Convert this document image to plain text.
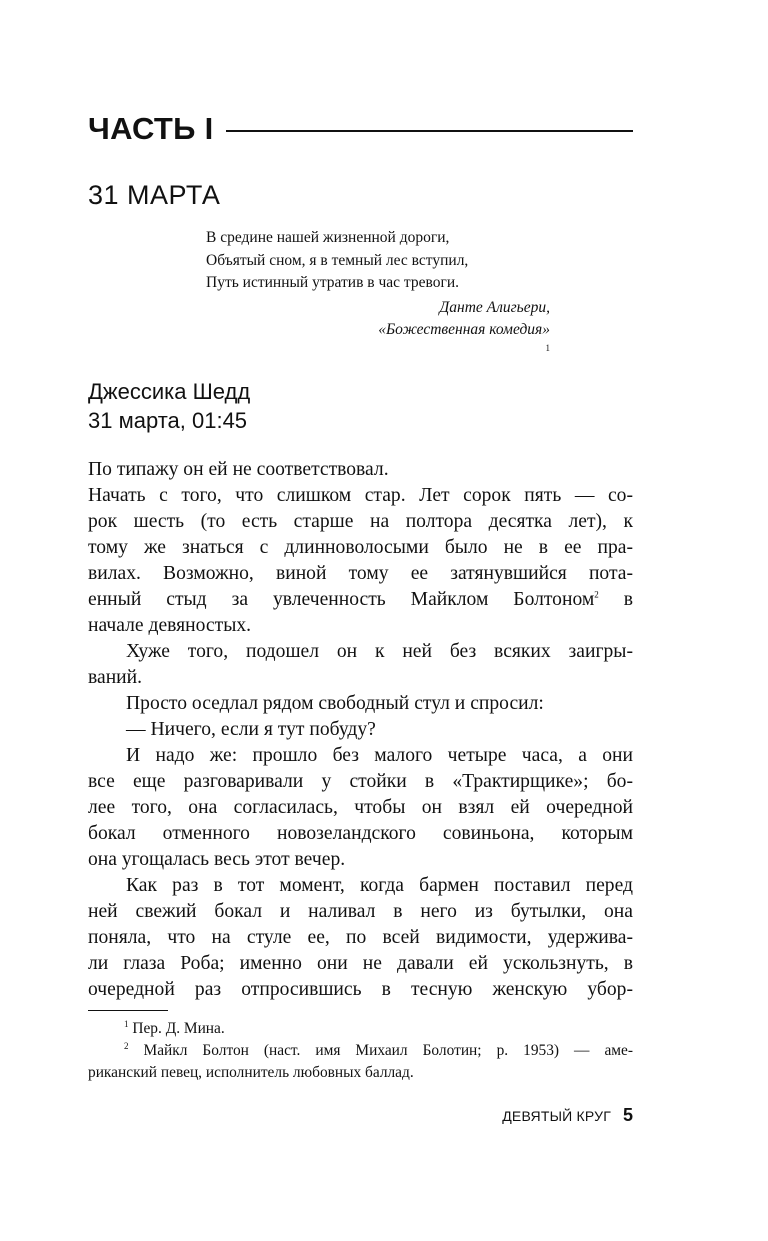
ЧАСТЬ I
31 МАРТА
В средине нашей жизненной дороги,
Объятый сном, я в темный лес вступил,
Путь истинный утратив в час тревоги.
Данте Алигьери,
«Божественная комедия»
$^1$
Джессика Шедд
31 марта, 01:45
По типажу он ей не соответствовал.
Начать с того, что слишком стар. Лет сорок пять — со-
рок шесть (то есть старше на полтора десятка лет), к
тому же знаться с длинноволосыми было не в ее пра-
вилах. Возможно, виной тому ее затянувшийся пота-
енный стыд за увлеченность Майклом Болтоном$^2$ в
начале девяностых.
Хуже того, подошел он к ней без всяких заигры-
ваний.
Просто оседлал рядом свободный стул и спросил:
— Ничего, если я тут побуду?
И надо же: прошло без малого четыре часа, а они
все еще разговаривали у стойки в «Трактирщике»; бо-
лее того, она согласилась, чтобы он взял ей очередной
бокал отменного новозеландского совиньона, которым
она угощалась весь этот вечер.
Как раз в тот момент, когда бармен поставил перед
ней свежий бокал и наливал в него из бутылки, она
поняла, что на стуле ее, по всей видимости, удержива-
ли глаза Роба; именно они не давали ей ускользнуть, в
очередной раз отпросившись в тесную женскую убор-
$^1$ Пер. Д. Мина.
$^2$ Майкл Болтон (наст. имя Михаил Болотин; р. 1953) — аме-
риканский певец, исполнитель любовных баллад.
ДЕВЯТЫЙ КРУГ 5
